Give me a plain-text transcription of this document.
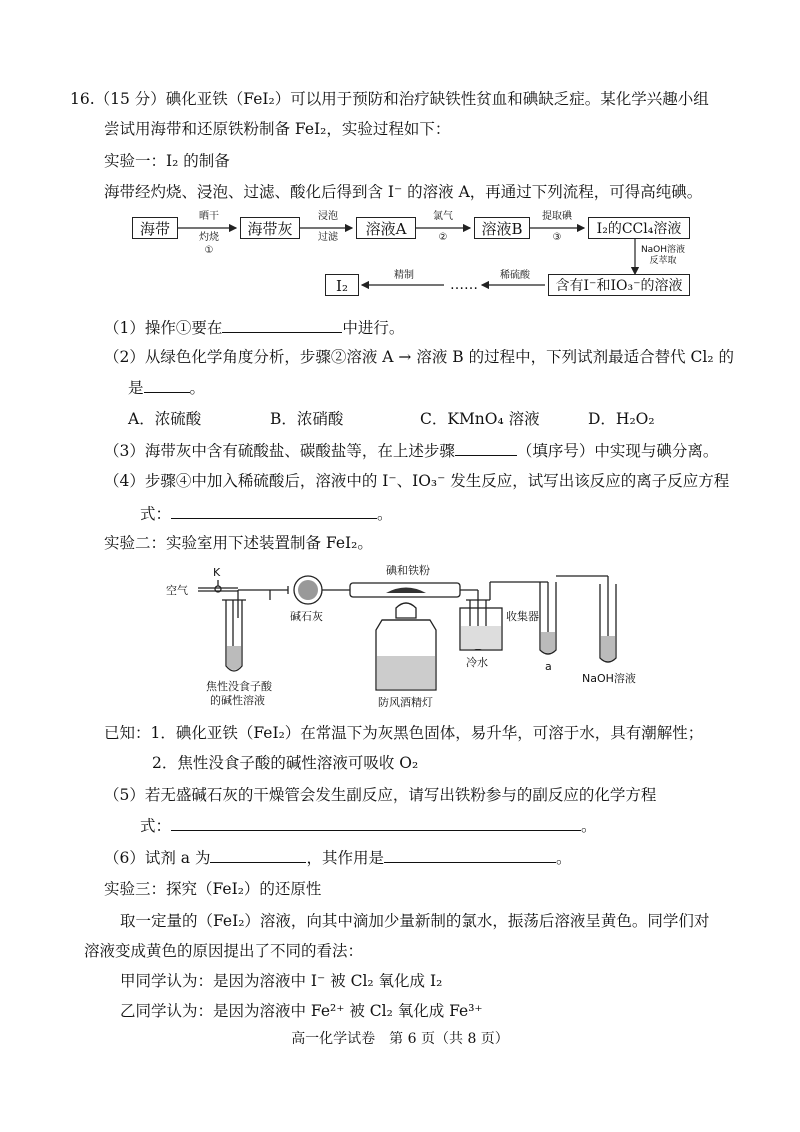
16.（15 分）碘化亚铁（FeI₂）可以用于预防和治疗缺铁性贫血和碘缺乏症。某化学兴趣小组
尝试用海带和还原铁粉制备 FeI₂，实验过程如下：
实验一：I₂ 的制备
海带经灼烧、浸泡、过滤、酸化后得到含 I⁻ 的溶液 A，再通过下列流程，可得高纯碘。
海带	海带灰	溶液A	溶液B	I₂的CCl₄溶液
含有I⁻和IO₃⁻的溶液
I₂
晒干
灼烧
①
浸泡
过滤
氯气
②
提取碘
③
NaOH溶液
反萃取
稀硫酸
……
精制
（1）操作①要在	中进行。
（2）从绿色化学角度分析，步骤②溶液 A → 溶液 B 的过程中，下列试剂最适合替代 Cl₂ 的
是	。
A．浓硫酸	B．浓硝酸	C．KMnO₄ 溶液	D．H₂O₂
（3）海带灰中含有硫酸盐、碳酸盐等，在上述步骤	（填序号）中实现与碘分离。
（4）步骤④中加入稀硫酸后，溶液中的 I⁻、IO₃⁻ 发生反应，试写出该反应的离子反应方程
式：	。
实验二：实验室用下述装置制备 FeI₂。
空气
K
碱石灰
碘和铁粉
收集器
冷水	a
NaOH溶液
焦性没食子酸
的碱性溶液	防风酒精灯
已知：1．碘化亚铁（FeI₂）在常温下为灰黑色固体，易升华，可溶于水，具有潮解性；
2．焦性没食子酸的碱性溶液可吸收 O₂
（5）若无盛碱石灰的干燥管会发生副反应，请写出铁粉参与的副反应的化学方程
式：	。
（6）试剂 a 为	，其作用是	。
实验三：探究（FeI₂）的还原性
取一定量的（FeI₂）溶液，向其中滴加少量新制的氯水，振荡后溶液呈黄色。同学们对
溶液变成黄色的原因提出了不同的看法：
甲同学认为：是因为溶液中 I⁻ 被 Cl₂ 氧化成 I₂
乙同学认为：是因为溶液中 Fe²⁺ 被 Cl₂ 氧化成 Fe³⁺
高一化学试卷　第 6 页（共 8 页）
